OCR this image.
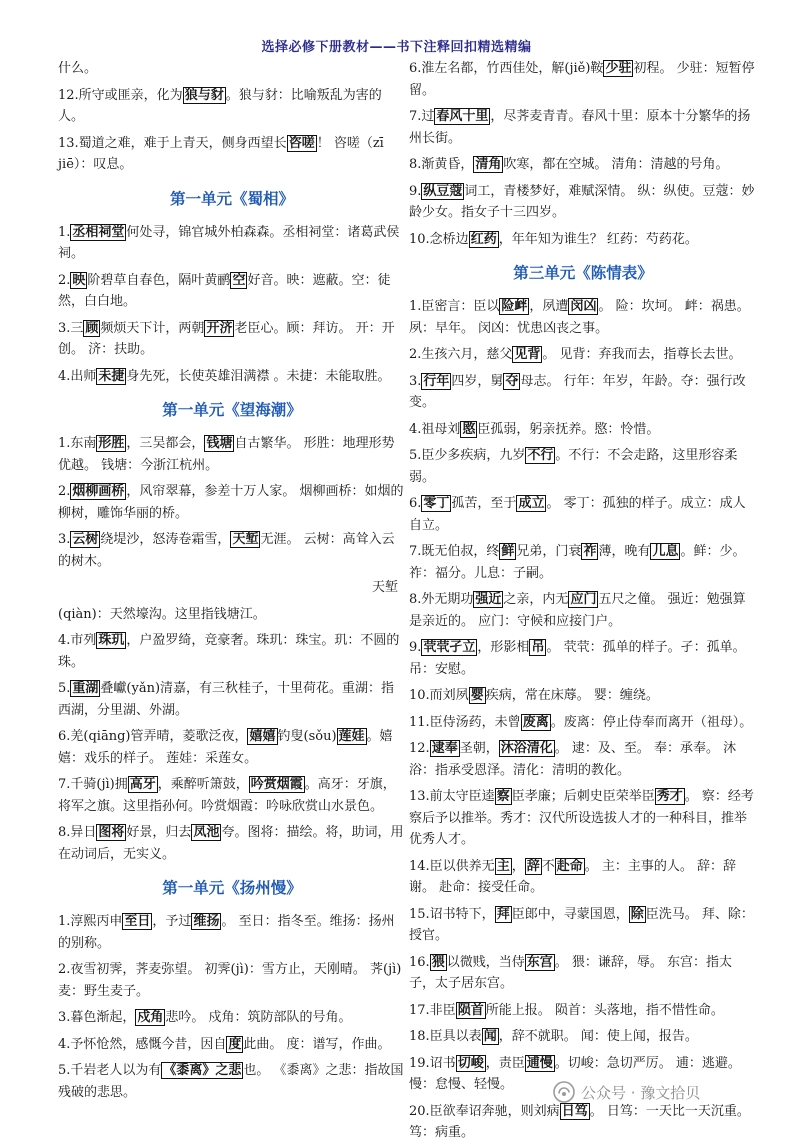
选择必修下册教材——书下注释回扣精选精编
什么。
12.所守或匪亲，化为 狼与豺 。狼与豺：比喻叛乱为害的人。
13.蜀道之难，难于上青天，侧身西望长 咨嗟 ！ 咨嗟（zī jiē）：叹息。
第一单元《蜀相》
1. 丞相祠堂 何处寻，锦官城外柏森森。丞相祠堂：诸葛武侯祠。
2. 映 阶碧草自春色，隔叶黄鹂 空 好音。映：遮蔽。空：徒然，白白地。
3.三 顾 频烦天下计，两朝 开济 老臣心。顾：拜访。 开：开创。 济：扶助。
4.出师 未捷 身先死，长使英雄泪满襟 。未捷：未能取胜。
第一单元《望海潮》
1.东南 形胜 ，三吴都会， 钱塘 自古繁华。 形胜：地理形势优越。 钱塘：今浙江杭州。
2. 烟柳画桥 ，风帘翠幕，参差十万人家。 烟柳画桥：如烟的柳树，雕饰华丽的桥。
3. 云树 绕堤沙，怒涛卷霜雪， 天堑 无涯。 云树：高耸入云的树木。
天堑
(qiàn)：天然壕沟。这里指钱塘江。
4.市列 珠玑 ，户盈罗绮，竞豪奢。珠玑：珠宝。玑：不圆的珠。
5. 重湖 叠巘(yǎn)清嘉，有三秋桂子，十里荷花。重湖：指西湖，分里湖、外湖。
6.羌(qiāng)管弄晴，菱歌泛夜， 嬉嬉 钓叟(sǒu) 莲娃 。嬉嬉：戏乐的样子。 莲娃：采莲女。
7.千骑(jì)拥 高牙 ，乘醉听箫鼓， 吟赏烟霞 。高牙：牙旗，将军之旗。这里指孙何。吟赏烟霞：吟咏欣赏山水景色。
8.异日 图将 好景，归去 凤池 夸。图将：描绘。将，助词，用在动词后，无实义。
第一单元《扬州慢》
1.淳熙丙申 至日 ，予过 维扬 。 至日：指冬至。维扬：扬州的别称。
2.夜雪初霁，荠麦弥望。 初霁(jì)：雪方止，天刚晴。 荠(jì)麦：野生麦子。
3.暮色渐起， 戍角 悲吟。 戍角：筑防部队的号角。
4.予怀怆然，感慨今昔，因自 度 此曲。 度：谱写，作曲。
5.千岩老人以为有 《黍离》之悲 也。 《黍离》之悲：指故国残破的悲思。
6.淮左名都，竹西佳处，解(jiě)鞍 少驻 初程。 少驻：短暂停留。
7.过 春风十里 ，尽荠麦青青。春风十里：原本十分繁华的扬州长街。
8.渐黄昏， 清角 吹寒，都在空城。 清角：清越的号角。
9. 纵豆蔻 词工，青楼梦好，难赋深情。 纵：纵使。豆蔻：妙龄少女。指女子十三四岁。
10.念桥边 红药 ，年年知为谁生？ 红药：芍药花。
第三单元《陈情表》
1.臣密言：臣以 险衅 ，夙遭 闵凶 。 险：坎坷。 衅：祸患。 夙：早年。 闵凶：忧患凶丧之事。
2.生孩六月，慈父 见背 。 见背：弃我而去，指尊长去世。
3. 行年 四岁，舅 夺 母志。 行年：年岁，年龄。夺：强行改变。
4.祖母刘 愍 臣孤弱，躬亲抚养。愍：怜惜。
5.臣少多疾病，九岁 不行 。不行：不会走路，这里形容柔弱。
6. 零丁 孤苦，至于 成立 。 零丁：孤独的样子。成立：成人自立。
7.既无伯叔，终 鲜 兄弟，门衰 祚 薄，晚有 儿息 。鲜：少。 祚：福分。儿息：子嗣。
8.外无期功 强近 之亲，内无 应门 五尺之僮。 强近：勉强算是亲近的。 应门：守候和应接门户。
9. 茕茕孑立 ，形影相 吊 。 茕茕：孤单的样子。孑：孤单。 吊：安慰。
10.而刘夙 婴 疾病，常在床蓐。 婴：缠绕。
11.臣侍汤药，未曾 废离 。废离：停止侍奉而离开（祖母）。
12. 逮奉 圣朝， 沐浴清化 。 逮：及、至。 奉：承奉。 沐浴：指承受恩泽。清化：清明的教化。
13.前太守臣逵 察 臣孝廉；后刺史臣荣举臣 秀才 。 察：经考察后予以推举。秀才：汉代所设选拔人才的一种科目，推举优秀人才。
14.臣以供养无 主 ， 辞 不 赴命 。 主：主事的人。 辞：辞谢。 赴命：接受任命。
15.诏书特下， 拜 臣郎中，寻蒙国恩， 除 臣洗马。 拜、除：授官。
16. 猥 以微贱，当侍 东宫 。 猥：谦辞，辱。 东宫：指太子，太子居东宫。
17.非臣 陨首 所能上报。 陨首：头落地，指不惜性命。
18.臣具以表 闻 ，辞不就职。 闻：使上闻，报告。
19.诏书 切峻 ，责臣 逋慢 。切峻：急切严厉。 逋：逃避。慢：怠慢、轻慢。
20.臣欲奉诏奔驰，则刘病 日笃 。 日笃：一天比一天沉重。 笃：病重。
公众号 · 豫文拾贝
